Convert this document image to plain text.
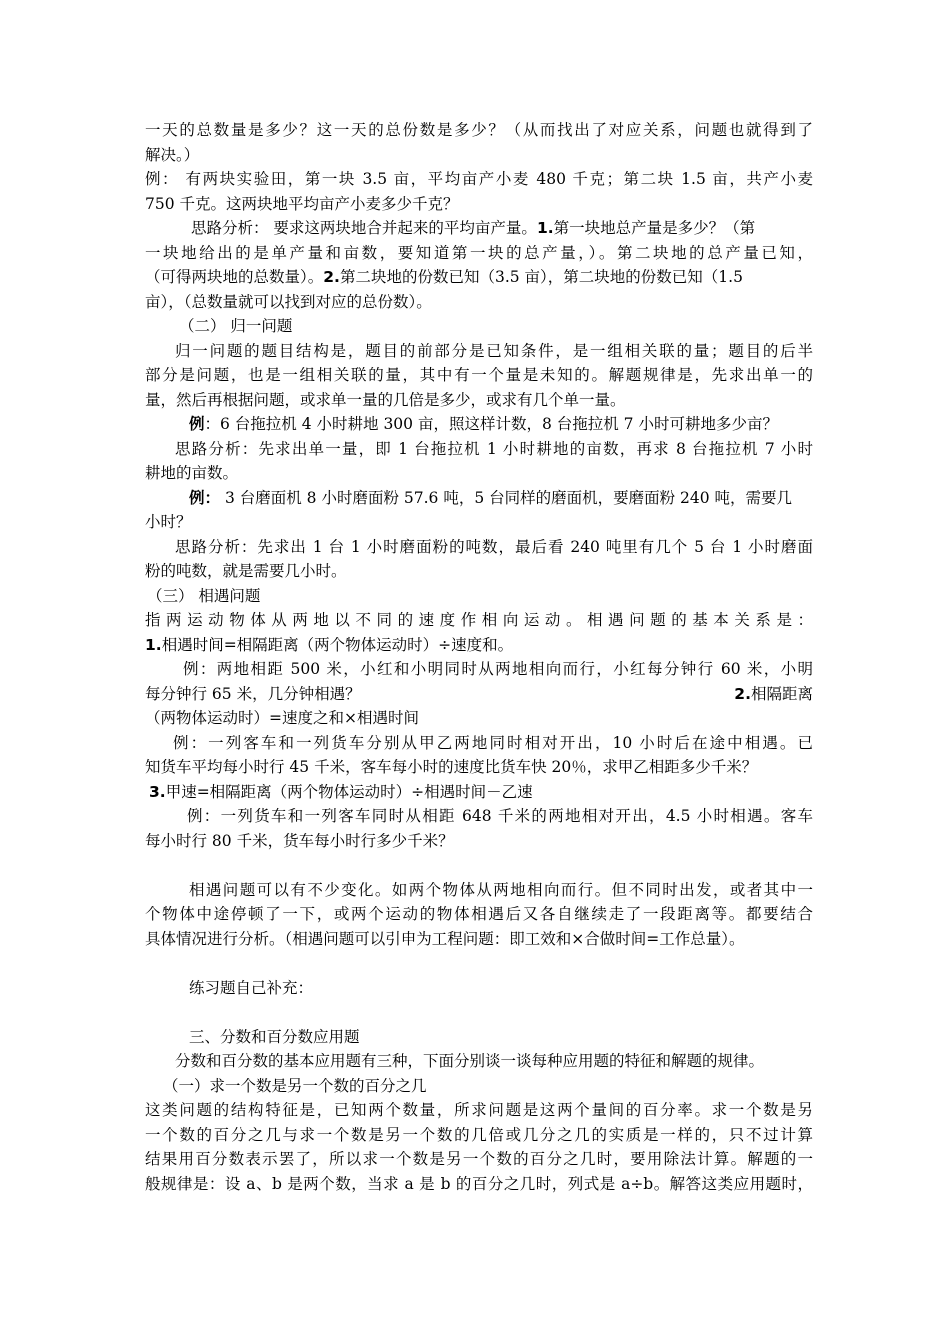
一天的总数量是多少？这一天的总份数是多少？（从而找出了对应关系，问题也就得到了
解决。）
例： 有两块实验田，第一块 3.5 亩，平均亩产小麦 480 千克；第二块 1.5 亩，共产小麦
750 千克。这两块地平均亩产小麦多少千克？
思路分析： 要求这两块地合并起来的平均亩产量。1.第一块地总产量是多少？（第
一块地给出的是单产量和亩数，要知道第一块的总产量，）。第二块地的总产量已知，
（可得两块地的总数量）。2.第二块地的份数已知（3.5 亩），第二块地的份数已知（1.5
亩），（总数量就可以找到对应的总份数）。
（二） 归一问题
归一问题的题目结构是，题目的前部分是已知条件，是一组相关联的量；题目的后半
部分是问题，也是一组相关联的量，其中有一个量是未知的。解题规律是，先求出单一的
量，然后再根据问题，或求单一量的几倍是多少，或求有几个单一量。
例：6 台拖拉机 4 小时耕地 300 亩，照这样计数，8 台拖拉机 7 小时可耕地多少亩？
思路分析：先求出单一量，即 1 台拖拉机 1 小时耕地的亩数，再求 8 台拖拉机 7 小时
耕地的亩数。
例： 3 台磨面机 8 小时磨面粉 57.6 吨，5 台同样的磨面机，要磨面粉 240 吨，需要几
小时？
思路分析：先求出 1 台 1 小时磨面粉的吨数，最后看 240 吨里有几个 5 台 1 小时磨面
粉的吨数，就是需要几小时。
（三） 相遇问题
指两运动物体从两地以不同的速度作相向运动。相遇问题的基本关系是：
1.相遇时间=相隔距离（两个物体运动时）÷速度和。
例：两地相距 500 米，小红和小明同时从两地相向而行，小红每分钟行 60 米，小明
每分钟行 65 米，几分钟相遇？	2.相隔距离
（两物体运动时）=速度之和×相遇时间
例：一列客车和一列货车分别从甲乙两地同时相对开出，10 小时后在途中相遇。已
知货车平均每小时行 45 千米，客车每小时的速度比货车快 20％，求甲乙相距多少千米？
3.甲速=相隔距离（两个物体运动时）÷相遇时间－乙速
例：一列货车和一列客车同时从相距 648 千米的两地相对开出，4.5 小时相遇。客车
每小时行 80 千米，货车每小时行多少千米？
相遇问题可以有不少变化。如两个物体从两地相向而行。但不同时出发，或者其中一
个物体中途停顿了一下，或两个运动的物体相遇后又各自继续走了一段距离等。都要结合
具体情况进行分析。（相遇问题可以引申为工程问题：即工效和×合做时间=工作总量）。
练习题自己补充：
三、分数和百分数应用题
分数和百分数的基本应用题有三种，下面分别谈一谈每种应用题的特征和解题的规律。
（一）求一个数是另一个数的百分之几
这类问题的结构特征是，已知两个数量，所求问题是这两个量间的百分率。求一个数是另
一个数的百分之几与求一个数是另一个数的几倍或几分之几的实质是一样的，只不过计算
结果用百分数表示罢了，所以求一个数是另一个数的百分之几时，要用除法计算。解题的一
般规律是：设 a、b 是两个数，当求 a 是 b 的百分之几时，列式是 a÷b。解答这类应用题时，
